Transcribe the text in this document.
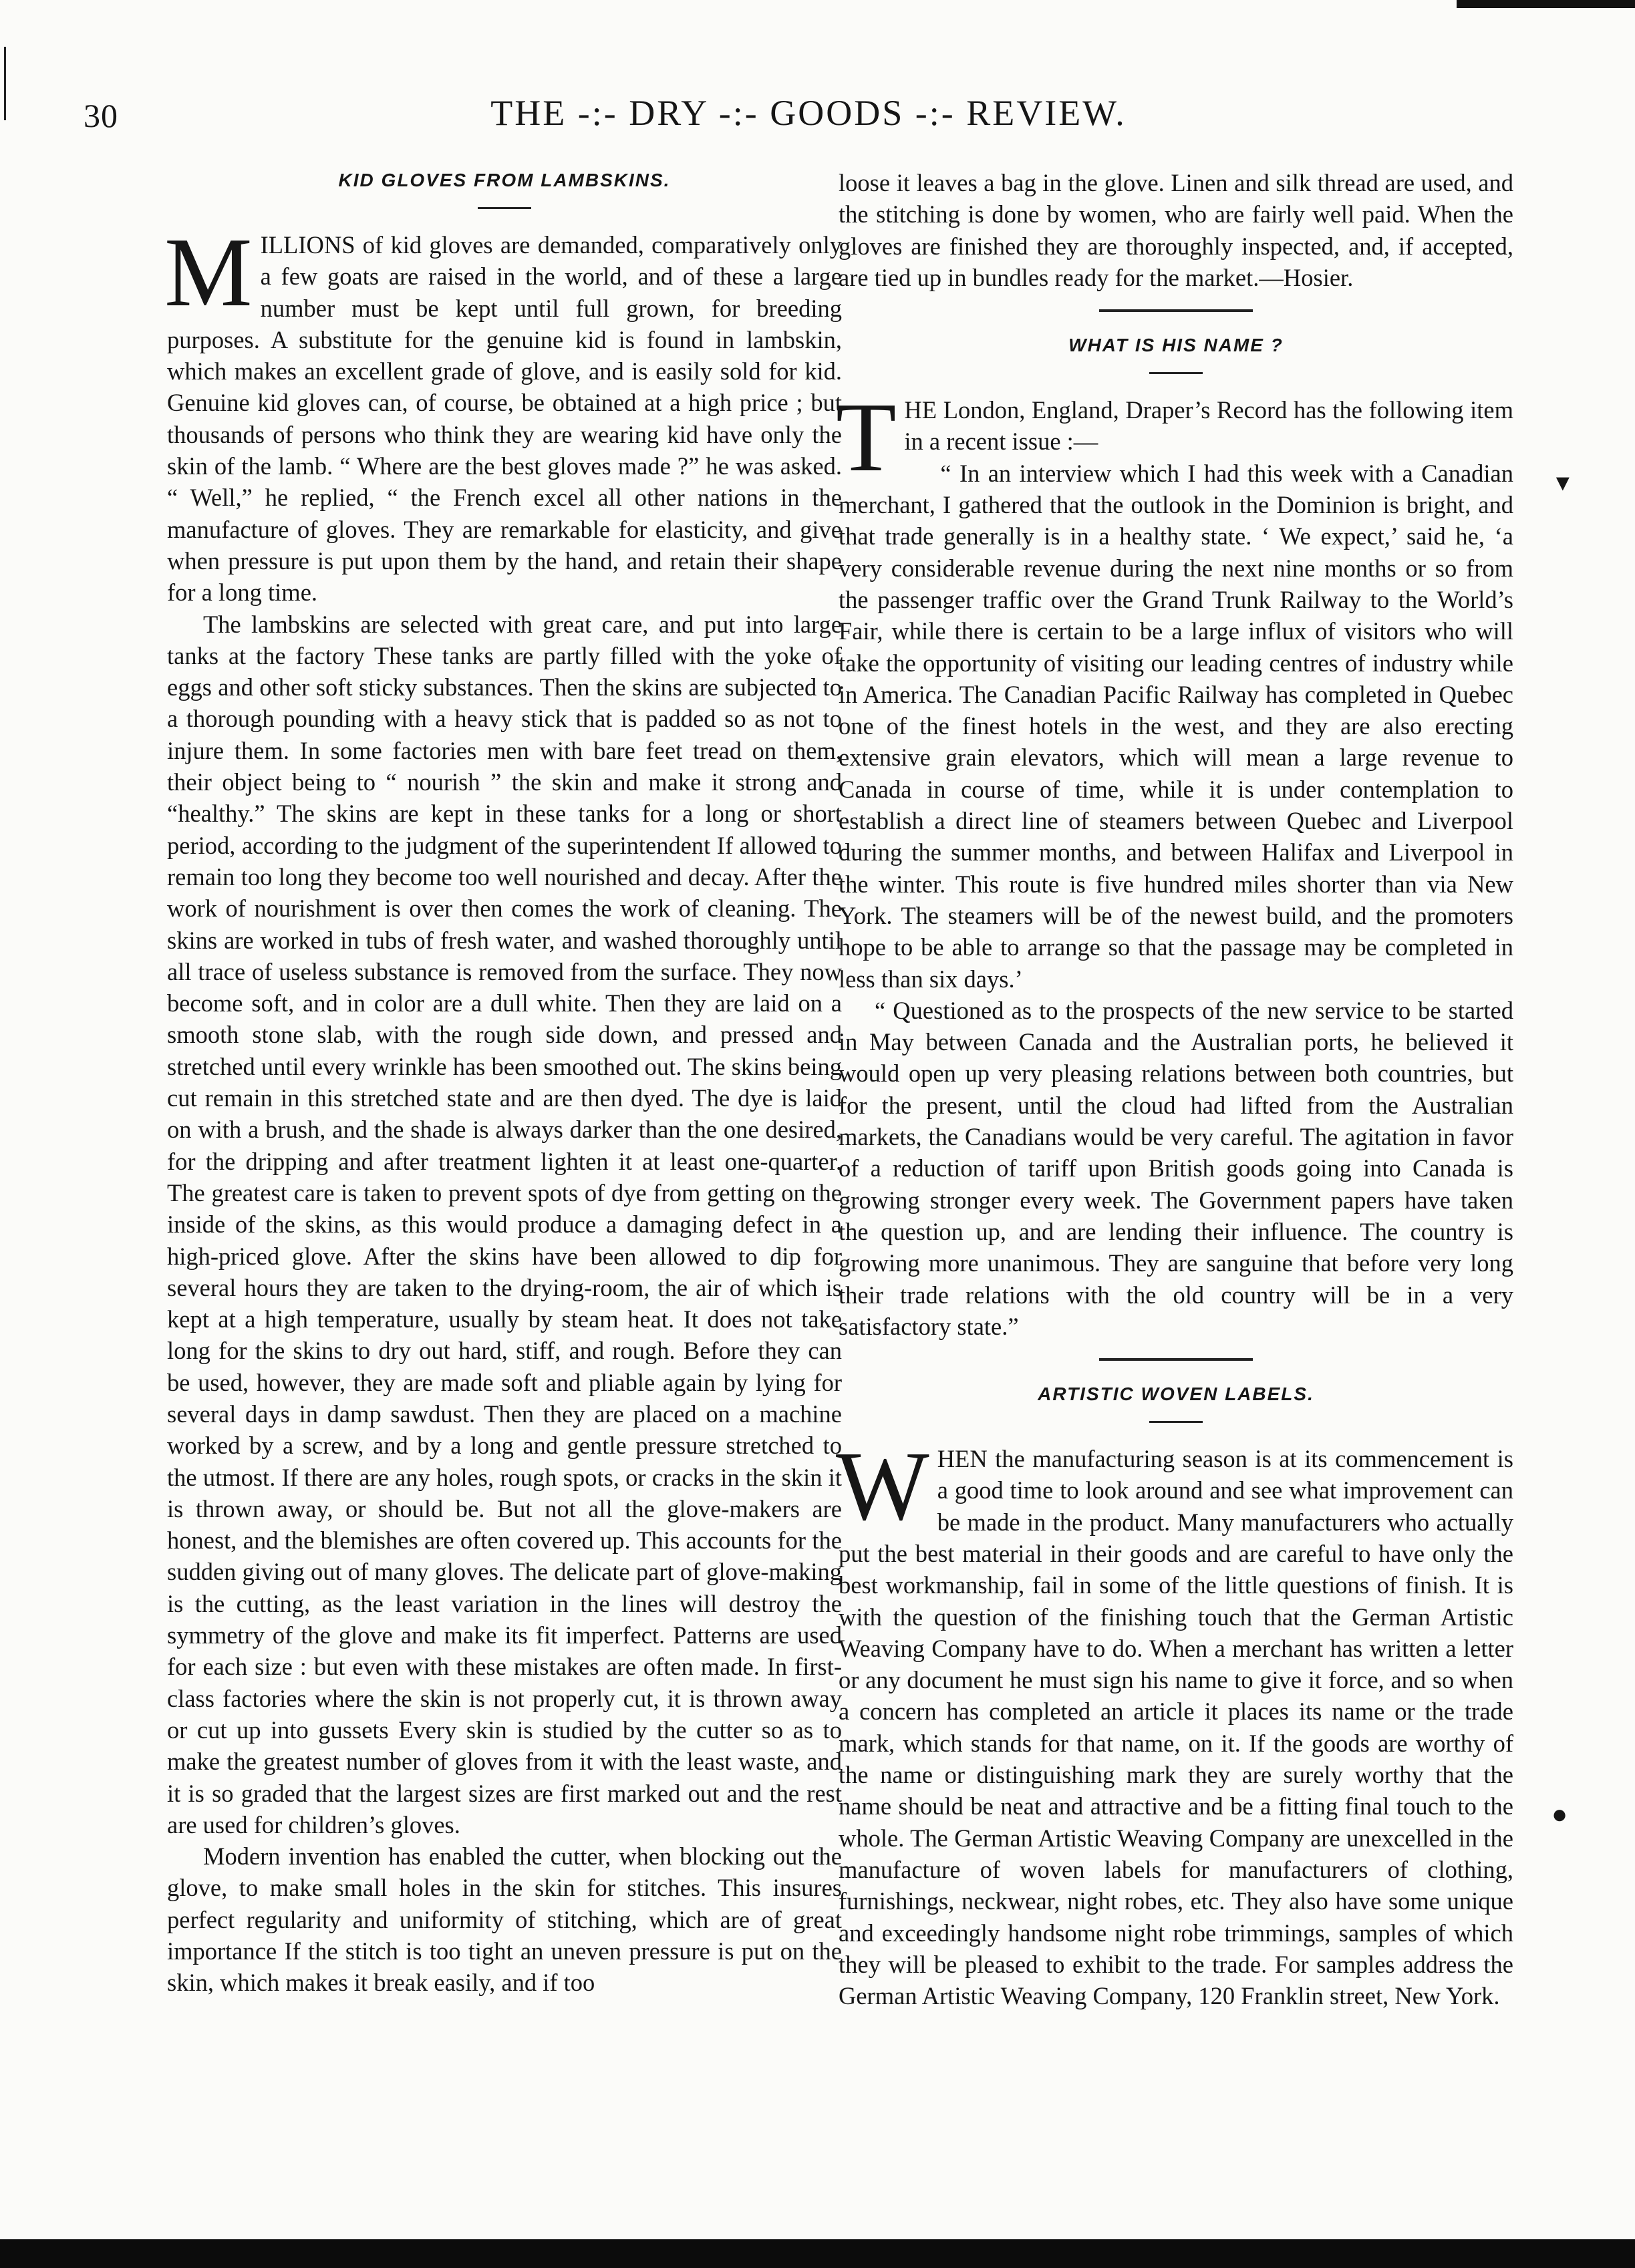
30	THE -:- DRY -:- GOODS -:- REVIEW.
KID GLOVES FROM LAMBSKINS.

MILLIONS of kid gloves are demanded, comparatively only a few goats are raised in the world, and of these a large number must be kept until full grown, for breeding purposes. A substitute for the genuine kid is found in lambskin, which makes an excellent grade of glove, and is easily sold for kid. Genuine kid gloves can, of course, be obtained at a high price ; but thousands of persons who think they are wearing kid have only the skin of the lamb. “ Where are the best gloves made ?” he was asked. “ Well,” he replied, “ the French excel all other nations in the manufacture of gloves. They are remarkable for elasticity, and give when pressure is put upon them by the hand, and retain their shape for a long time.

The lambskins are selected with great care, and put into large tanks at the factory These tanks are partly filled with the yoke of eggs and other soft sticky substances. Then the skins are subjected to a thorough pounding with a heavy stick that is padded so as not to injure them. In some factories men with bare feet tread on them, their object being to “ nourish ” the skin and make it strong and “healthy.” The skins are kept in these tanks for a long or short period, according to the judgment of the superintendent If allowed to remain too long they become too well nourished and decay. After the work of nourishment is over then comes the work of cleaning. The skins are worked in tubs of fresh water, and washed thoroughly until all trace of useless substance is removed from the surface. They now become soft, and in color are a dull white. Then they are laid on a smooth stone slab, with the rough side down, and pressed and stretched until every wrinkle has been smoothed out. The skins being cut remain in this stretched state and are then dyed. The dye is laid on with a brush, and the shade is always darker than the one desired, for the dripping and after treatment lighten it at least one-quarter. The greatest care is taken to prevent spots of dye from getting on the inside of the skins, as this would produce a damaging defect in a high-priced glove. After the skins have been allowed to dip for several hours they are taken to the drying-room, the air of which is kept at a high temperature, usually by steam heat. It does not take long for the skins to dry out hard, stiff, and rough. Before they can be used, however, they are made soft and pliable again by lying for several days in damp sawdust. Then they are placed on a machine worked by a screw, and by a long and gentle pressure stretched to the utmost. If there are any holes, rough spots, or cracks in the skin it is thrown away, or should be. But not all the glove-makers are honest, and the blemishes are often covered up. This accounts for the sudden giving out of many gloves. The delicate part of glove-making is the cutting, as the least variation in the lines will destroy the symmetry of the glove and make its fit imperfect. Patterns are used for each size : but even with these mistakes are often made. In first-class factories where the skin is not properly cut, it is thrown away or cut up into gussets Every skin is studied by the cutter so as to make the greatest number of gloves from it with the least waste, and it is so graded that the largest sizes are first marked out and the rest are used for children’s gloves.

Modern invention has enabled the cutter, when blocking out the glove, to make small holes in the skin for stitches. This insures perfect regularity and uniformity of stitching, which are of great importance If the stitch is too tight an uneven pressure is put on the skin, which makes it break easily, and if too

loose it leaves a bag in the glove. Linen and silk thread are used, and the stitching is done by women, who are fairly well paid. When the gloves are finished they are thoroughly inspected, and, if accepted, are tied up in bundles ready for the market.—Hosier.

WHAT IS HIS NAME ?

THE London, England, Draper’s Record has the following item in a recent issue :—

“ In an interview which I had this week with a Canadian merchant, I gathered that the outlook in the Dominion is bright, and that trade generally is in a healthy state. ‘ We expect,’ said he, ‘a very considerable revenue during the next nine months or so from the passenger traffic over the Grand Trunk Railway to the World’s Fair, while there is certain to be a large influx of visitors who will take the opportunity of visiting our leading centres of industry while in America. The Canadian Pacific Railway has completed in Quebec one of the finest hotels in the west, and they are also erecting extensive grain elevators, which will mean a large revenue to Canada in course of time, while it is under contemplation to establish a direct line of steamers between Quebec and Liverpool during the summer months, and between Halifax and Liverpool in the winter. This route is five hundred miles shorter than via New York. The steamers will be of the newest build, and the promoters hope to be able to arrange so that the passage may be completed in less than six days.’

“ Questioned as to the prospects of the new service to be started in May between Canada and the Australian ports, he believed it would open up very pleasing relations between both countries, but for the present, until the cloud had lifted from the Australian markets, the Canadians would be very careful. The agitation in favor of a reduction of tariff upon British goods going into Canada is growing stronger every week. The Government papers have taken the question up, and are lending their influence. The country is growing more unanimous. They are sanguine that before very long their trade relations with the old country will be in a very satisfactory state.”

ARTISTIC WOVEN LABELS.

WHEN the manufacturing season is at its commencement is a good time to look around and see what improvement can be made in the product. Many manufacturers who actually put the best material in their goods and are careful to have only the best workmanship, fail in some of the little questions of finish. It is with the question of the finishing touch that the German Artistic Weaving Company have to do. When a merchant has written a letter or any document he must sign his name to give it force, and so when a concern has completed an article it places its name or the trade mark, which stands for that name, on it. If the goods are worthy of the name or distinguishing mark they are surely worthy that the name should be neat and attractive and be a fitting final touch to the whole. The German Artistic Weaving Company are unexcelled in the manufacture of woven labels for manufacturers of clothing, furnishings, neckwear, night robes, etc. They also have some unique and exceedingly handsome night robe trimmings, samples of which they will be pleased to exhibit to the trade. For samples address the German Artistic Weaving Company, 120 Franklin street, New York.

▼
●
